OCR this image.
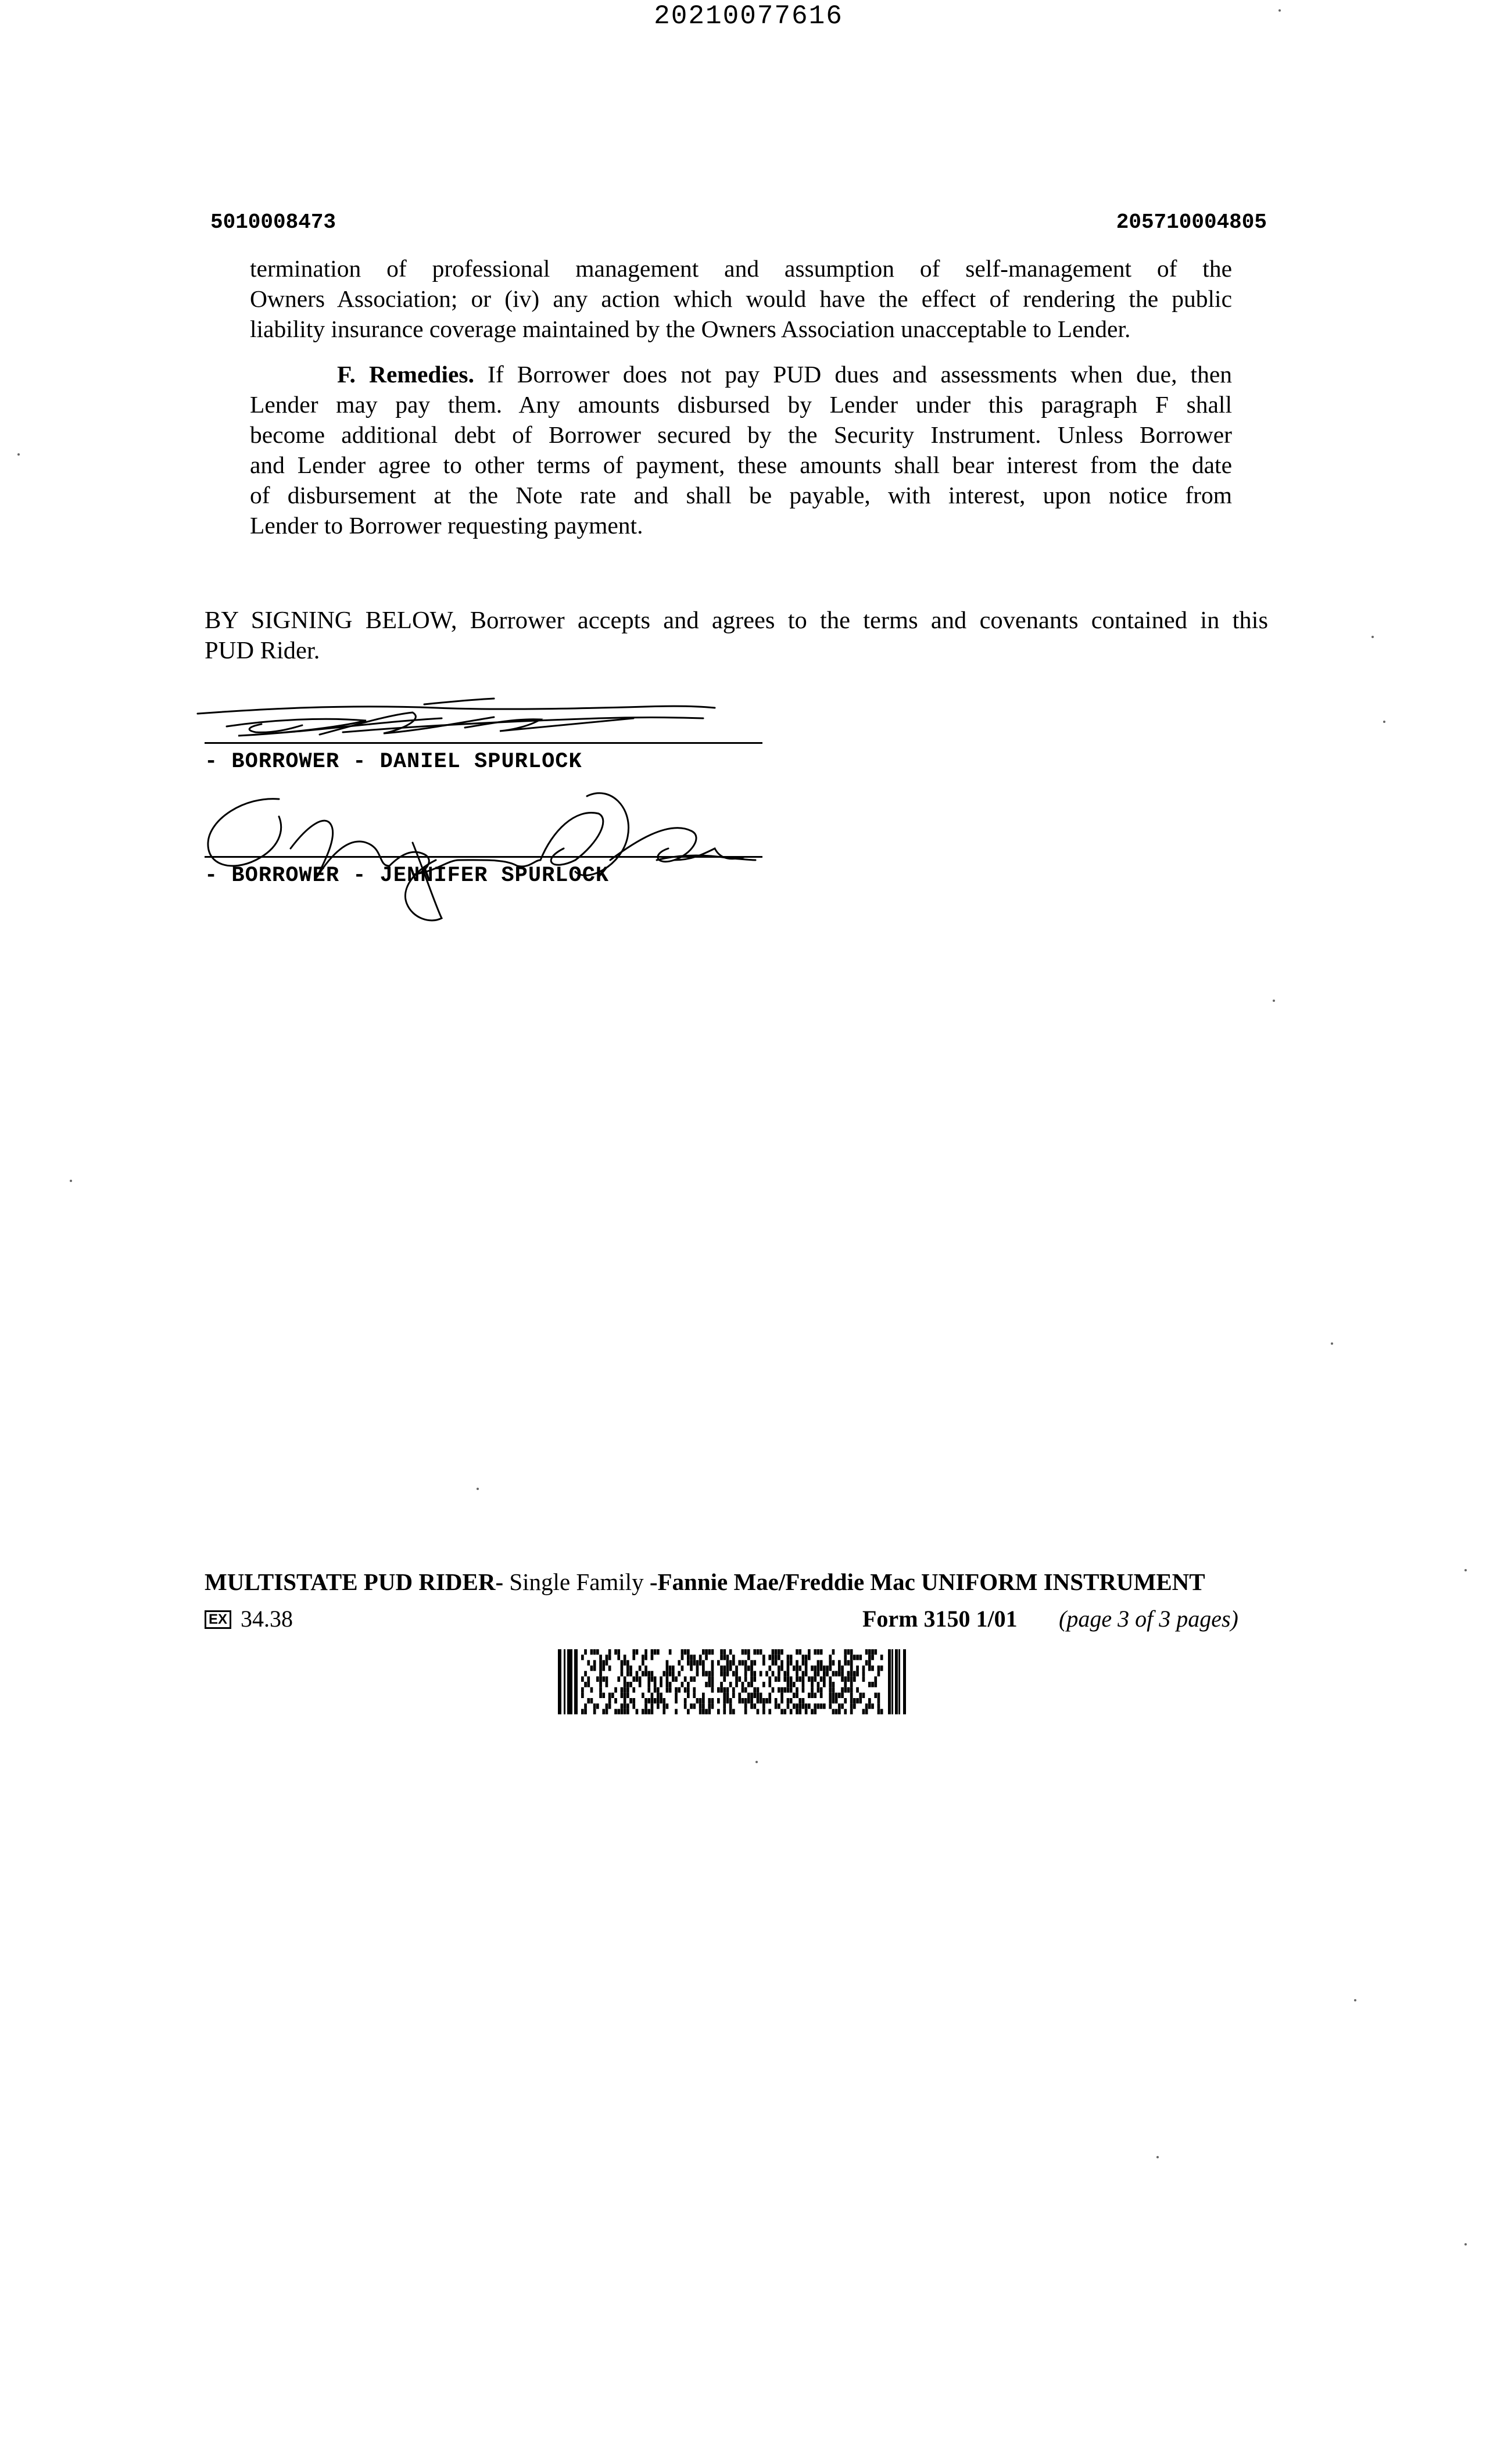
20210077616
5010008473	205710004805
termination of professional management and assumption of self-management of the
Owners Association; or (iv) any action which would have the effect of rendering the public
liability insurance coverage maintained by the Owners Association unacceptable to Lender.
F. Remedies. If Borrower does not pay PUD dues and assessments when due, then
Lender may pay them. Any amounts disbursed by Lender under this paragraph F shall
become additional debt of Borrower secured by the Security Instrument. Unless Borrower
and Lender agree to other terms of payment, these amounts shall bear interest from the date
of disbursement at the Note rate and shall be payable, with interest, upon notice from
Lender to Borrower requesting payment.
BY SIGNING BELOW, Borrower accepts and agrees to the terms and covenants contained in this
PUD Rider.
- BORROWER - DANIEL SPURLOCK
- BORROWER - JENNIFER SPURLOCK
MULTISTATE PUD RIDER- Single Family -Fannie Mae/Freddie Mac UNIFORM INSTRUMENT
EX 34.38	Form 3150 1/01 (page 3 of 3 pages)
